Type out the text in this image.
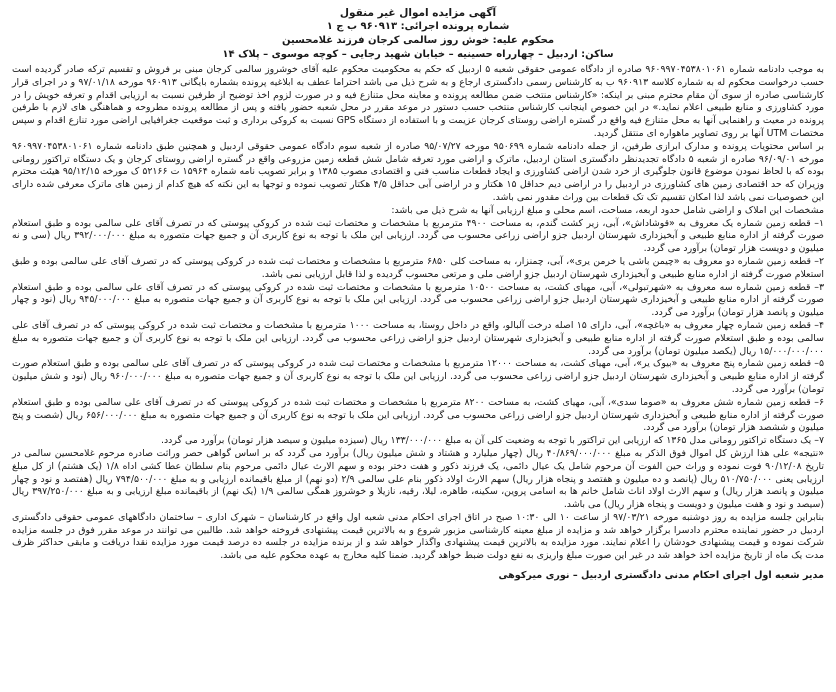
آگهی مزایده اموال غیر منقول
شماره پرونده اجرائی: ۹۶۰۹۱۳ ب ج ۱
محکوم علیه: خوش روز سالمی کرجان فرزند غلامحسین
ساکن: اردبیل – چهارراه حسینیه – خیابان شهید رجایی – کوچه موسوی – پلاک ۱۴

به موجب دادنامه شماره ۹۶۰۹۹۷۰۴۵۳۸۰۱۰۶۱ صادره از دادگاه عمومی حقوقی شعبه ۵ اردبیل که حکم به محکومیت محکوم علیه آقای خوشروز سالمی کرجان مبنی بر فروش و تقسیم ترکه صادر گردیده است حسب درخواست محکوم له به شماره کلاسه ۹۶۰۹۱۳ ب به کارشناس رسمی دادگستری ارجاع و به شرح ذیل می باشد احتراما عطف به ابلاغیه پرونده بشماره بایگانی ۹۶۰۹۱۳ مورخه ۹۷/۰۱/۱۸ و در اجرای قرار کارشناسی صادره از سوی آن مقام محترم مبنی بر اینکه: «کارشناس منتخب ضمن مطالعه پرونده و معاینه محل متنازع فیه و در صورت لزوم اخذ توضیح از طرفین نسبت به ارزیابی اقدام و تعرفه خویش را در مورد کشاورزی و منابع طبیعی اعلام نماید.» در این خصوص اینجانب کارشناس منتخب حسب دستور در موعد مقرر در محل شعبه حضور یافته و پس از مطالعه پرونده مطروحه و هماهنگی های لازم با طرفین پرونده در معیت و راهنمایی آنها به محل متنازع فیه واقع در گستره اراضی روستای کرجان عزیمت و با استفاده از دستگاه GPS نسبت به کروکی برداری و ثبت موقعیت جغرافیایی اراضی مورد تنازع اقدام و سپس مختصات UTM آنها بر روی تصاویر ماهواره ای منتقل گردید.

بر اساس محتویات پرونده و مدارک ابرازی طرفین، از جمله دادنامه شماره ۹۵۰۶۹۹ مورخه ۹۵/۰۷/۲۷ صادره از شعبه سوم دادگاه عمومی حقوقی اردبیل و همچنین طبق دادنامه شماره ۹۶۰۹۹۷۰۴۵۳۸۰۱۰۶۱ مورخه ۹۶/۰۹/۰۱ صادره از شعبه ۵ دادگاه تجدیدنظر دادگستری استان اردبیل، ماترک و اراضی مورد تعرفه شامل شش قطعه زمین مزروعی واقع در گستره اراضی روستای کرجان و یک دستگاه تراکتور رومانی بوده که با لحاظ نمودن موضوع قانون جلوگیری از خرد شدن اراضی کشاورزی و ایجاد قطعات مناسب فنی و اقتصادی مصوب ۱۳۸۵ و برابر تصویب نامه شماره ۱۵۹۶۴ ت ۵۲۱۶۶ ک مورخه ۹۵/۱۲/۱۵ هیئت محترم وزیران که حد اقتصادی زمین های کشاورزی در اردبیل را در اراضی دیم حداقل ۱۵ هکتار و در اراضی آبی حداقل ۴/۵ هکتار تصویب نموده و توجها به این نکته که هیچ کدام از زمین های ماترک معرفی شده دارای این خصوصیات نمی باشد لذا امکان تقسیم تک تک قطعات بین وراث مقدور نمی باشد.

مشخصات این املاک و اراضی شامل حدود اربعه، مساحت، اسم محلی و مبلغ ارزیابی آنها به شرح ذیل می باشد:

۱– قطعه زمین شماره یک معروف به «قوشاداش»، آبی، زیر کشت گندم، به مساحت ۴۹۰۰ مترمربع با مشخصات و مختصات ثبت شده در کروکی پیوستی که در تصرف آقای علی سالمی بوده و طبق استعلام صورت گرفته از اداره منابع طبیعی و آبخیزداری شهرستان اردبیل جزو اراضی زراعی محسوب می گردد. ارزیابی این ملک با توجه به نوع کاربری آن و جمیع جهات متصوره به مبلغ ۳۹۲/۰۰۰/۰۰۰ ریال (سی و نه میلیون و دویست هزار تومان) برآورد می گردد.

۲– قطعه زمین شماره دو معروف به «چیمن باشی یا خرمن یری»، آبی، چمنزار، به مساحت کلی ۶۸۵۰ مترمربع با مشخصات و مختصات ثبت شده در کروکی پیوستی که در تصرف آقای علی سالمی بوده و طبق استعلام صورت گرفته از اداره منابع طبیعی و آبخیزداری شهرستان اردبیل جزو اراضی ملی و مرتعی محسوب گردیده و لذا قابل ارزیابی نمی باشد.

۳– قطعه زمین شماره سه معروف به «شهرتبولی»، آبی، مهیای کشت، به مساحت ۱۰۵۰۰ مترمربع با مشخصات و مختصات ثبت شده در کروکی پیوستی که در تصرف آقای علی سالمی بوده و طبق استعلام صورت گرفته از اداره منابع طبیعی و آبخیزداری شهرستان اردبیل جزو اراضی زراعی محسوب می گردد. ارزیابی این ملک با توجه به نوع کاربری آن و جمیع جهات متصوره به مبلغ ۹۴۵/۰۰۰/۰۰۰ ریال (نود و چهار میلیون و پانصد هزار تومان) برآورد می گردد.

۴– قطعه زمین شماره چهار معروف به «باغچه»، آبی، دارای ۱۵ اصله درخت آلبالو، واقع در داخل روستا، به مساحت ۱۰۰۰ مترمربع با مشخصات و مختصات ثبت شده در کروکی پیوستی که در تصرف آقای علی سالمی بوده و طبق استعلام صورت گرفته از اداره منابع طبیعی و آبخیزداری شهرستان اردبیل جزو اراضی زراعی محسوب می گردد. ارزیابی این ملک با توجه به نوع کاربری آن و جمیع جهات متصوره به مبلغ ۱۵/۰۰۰/۰۰۰/۰۰۰ ریال (یکصد میلیون تومان) برآورد می گردد.

۵– قطعه زمین شماره پنج معروف به «بیوک یر»، آبی، مهیای کشت، به مساحت ۱۲۰۰۰ مترمربع با مشخصات و مختصات ثبت شده در کروکی پیوستی که در تصرف آقای علی سالمی بوده و طبق استعلام صورت گرفته از اداره منابع طبیعی و آبخیزداری شهرستان اردبیل جزو اراضی زراعی محسوب می گردد. ارزیابی این ملک با توجه به نوع کاربری آن و جمیع جهات متصوره به مبلغ ۹۶۰/۰۰۰/۰۰۰ ریال (نود و شش میلیون تومان) برآورد می گردد.

۶– قطعه زمین شماره شش معروف به «صوما سدی»، آبی، مهیای کشت، به مساحت ۸۲۰۰ مترمربع با مشخصات و مختصات ثبت شده در کروکی پیوستی که در تصرف آقای علی سالمی بوده و طبق استعلام صورت گرفته از اداره منابع طبیعی و آبخیزداری شهرستان اردبیل جزو اراضی زراعی محسوب می گردد. ارزیابی این ملک با توجه به نوع کاربری آن و جمیع جهات متصوره به مبلغ ۶۵۶/۰۰۰/۰۰۰ ریال (شصت و پنج میلیون و ششصد هزار تومان) برآورد می گردد.

۷– یک دستگاه تراکتور رومانی مدل ۱۳۶۵ که ارزیابی این تراکتور با توجه به وضعیت کلی آن به مبلغ ۱۳۳/۰۰۰/۰۰۰ ریال (سیزده میلیون و سیصد هزار تومان) برآورد می گردد.

«نتیجه» علی هذا ارزش کل اموال فوق الذکر به مبلغ ۴۰/۸۶۹/۰۰۰/۰۰۰ ریال (چهار میلیارد و هشتاد و شش میلیون ریال) برآورد می گردد که بر اساس گواهی حصر وراثت صادره مرحوم غلامحسین سالمی در تاریخ ۹۰/۱۲/۰۸ فوت نموده و وراث حین الفوت آن مرحوم شامل یک عیال دائمی، یک فرزند ذکور و هفت دختر بوده و سهم الارث عیال دائمی مرحوم بنام سلطان عطا کشی اداه ۱/۸ (یک هشتم) از کل مبلغ ارزیابی یعنی ۵۱۰/۷۵۰/۰۰۰ ریال (پانصد و ده میلیون و هفتصد و پنجاه هزار ریال) سهم الارث اولاد ذکور بنام علی سالمی ۲/۹ (دو نهم) از مبلغ باقیمانده ارزیابی و به مبلغ ۷۹۴/۵۰۰/۰۰۰ ریال (هفتصد و نود و چهار میلیون و پانصد هزار ریال) و سهم الارث اولاد اناث شامل خانم ها به اسامی پروین، سکینه، طاهره، لیلا، رقیه، نازیلا و خوشروز همگی سالمی ۱/۹ (یک نهم) از باقیمانده مبلغ ارزیابی و به مبلغ ۳۹۷/۲۵۰/۰۰۰ ریال (سیصد و نود و هفت میلیون و دویست و پنجاه هزار ریال) می باشد.

بنابراین جلسه مزایده به روز دوشنبه مورخه ۹۷/۰۳/۲۱ از ساعت ۱۰ الی ۱۰:۳۰ صبح در اتاق اجرای احکام مدنی شعبه اول واقع در کارشناسان – شهرک اداری – ساختمان دادگاههای عمومی حقوقی دادگستری اردبیل در حضور نماینده محترم دادسرا برگزار خواهد شد و مزایده از مبلغ معینه کارشناسی مزبور شروع و به بالاترین قیمت پیشنهادی فروخته خواهد شد. طالبین می توانند در موعد مقرر فوق در جلسه مزایده شرکت نموده و قیمت پیشنهادی خودشان را اعلام نمایند. مورد مزایده به بالاترین قیمت پیشنهادی واگذار خواهد شد و از برنده مزایده در جلسه ده درصد قیمت مورد مزایده نقدا دریافت و مابقی حداکثر ظرف مدت یک ماه از تاریخ مزایده اخذ خواهد شد در غیر این صورت مبلغ واریزی به نفع دولت ضبط خواهد گردید. ضمنا کلیه مخارج به عهده محکوم علیه می باشد.

مدیر شعبه اول اجرای احکام مدنی دادگستری اردبیل – نوری میرکوهی
